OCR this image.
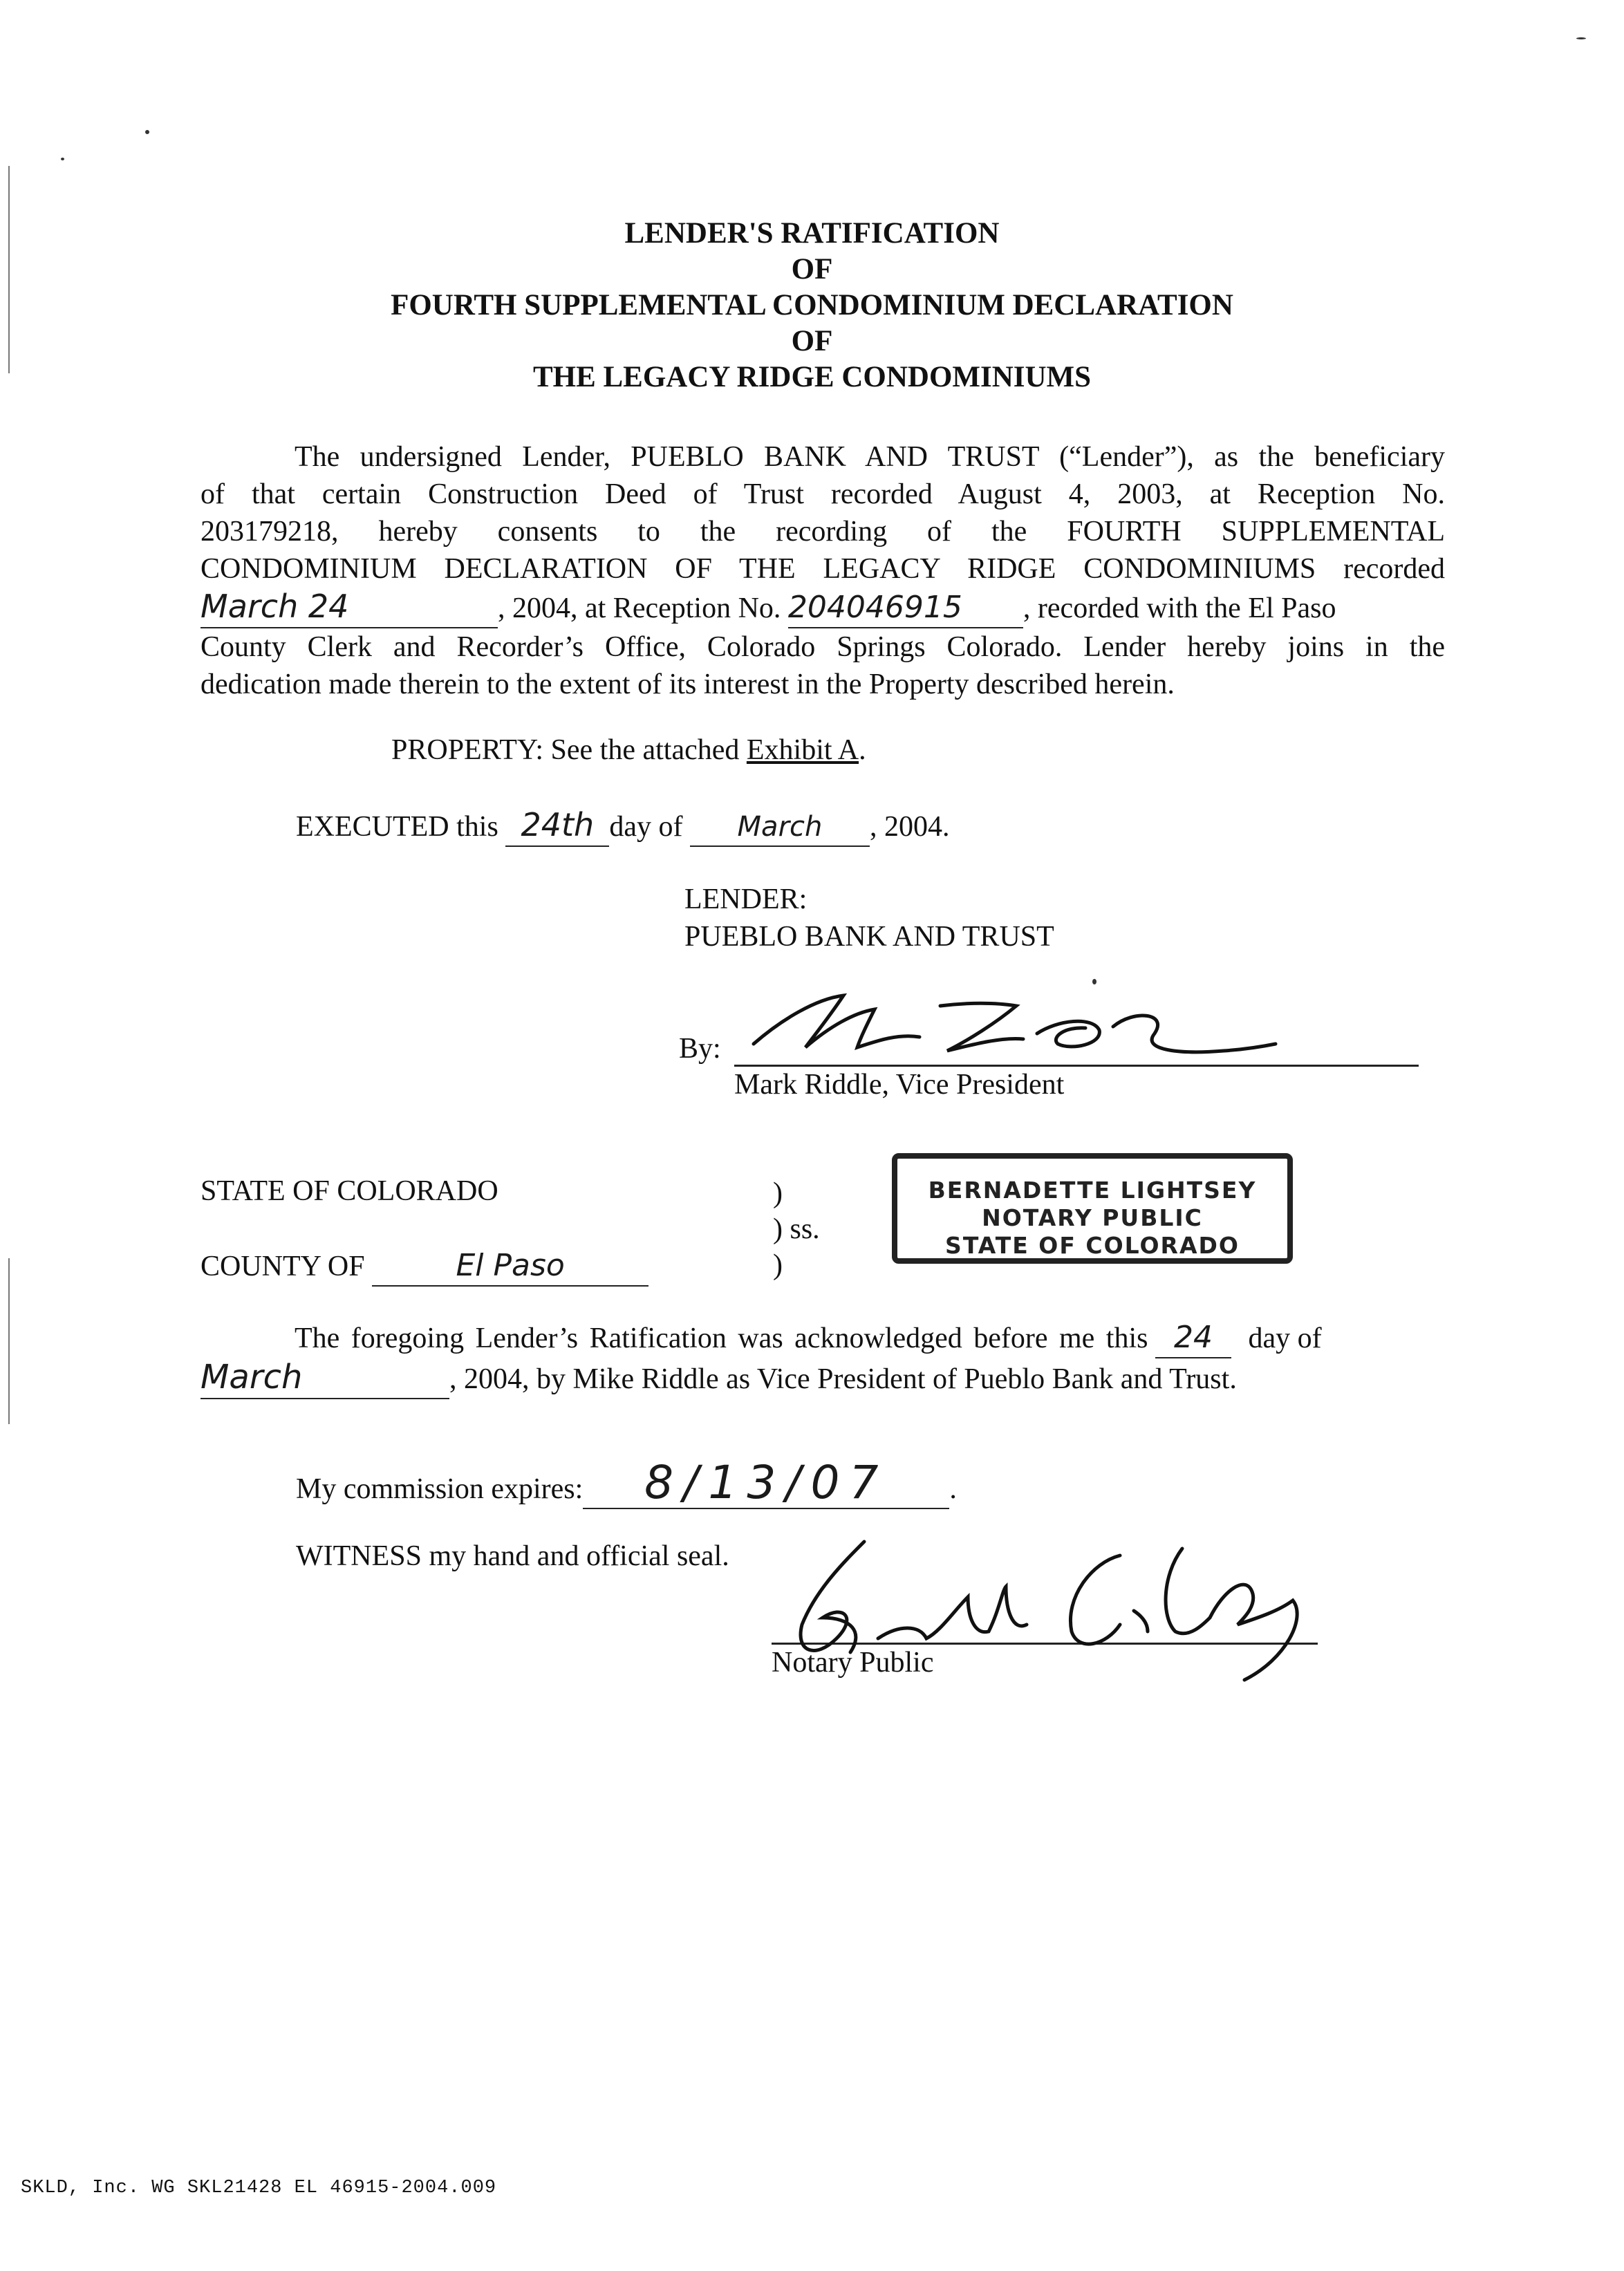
LENDER'S RATIFICATION
OF
FOURTH SUPPLEMENTAL CONDOMINIUM DECLARATION
OF
THE LEGACY RIDGE CONDOMINIUMS
The undersigned Lender, PUEBLO BANK AND TRUST (“Lender”), as the beneficiary
of that certain Construction Deed of Trust recorded August 4, 2003, at Reception No.
203179218, hereby consents to the recording of the FOURTH SUPPLEMENTAL
CONDOMINIUM DECLARATION OF THE LEGACY RIDGE CONDOMINIUMS recorded
March 24	, 2004, at Reception No. 204046915 , recorded with the El Paso
County Clerk and Recorder’s Office, Colorado Springs Colorado. Lender hereby joins in the
dedication made therein to the extent of its interest in the Property described herein.
PROPERTY: See the attached Exhibit A.
EXECUTED this 24th day of March , 2004.
LENDER:
PUEBLO BANK AND TRUST
By:
Mark Riddle, Vice President
STATE OF COLORADO
COUNTY OF	El Paso
)
) ss.
)
BERNADETTE LIGHTSEY
NOTARY PUBLIC
STATE OF COLORADO
The foregoing Lender’s Ratification was acknowledged before me this 24 day of
March	, 2004, by Mike Riddle as Vice President of Pueblo Bank and Trust.
My commission expires: 8/13/07 .
WITNESS my hand and official seal.
Notary Public
SKLD, Inc. WG SKL21428 EL 46915-2004.009
